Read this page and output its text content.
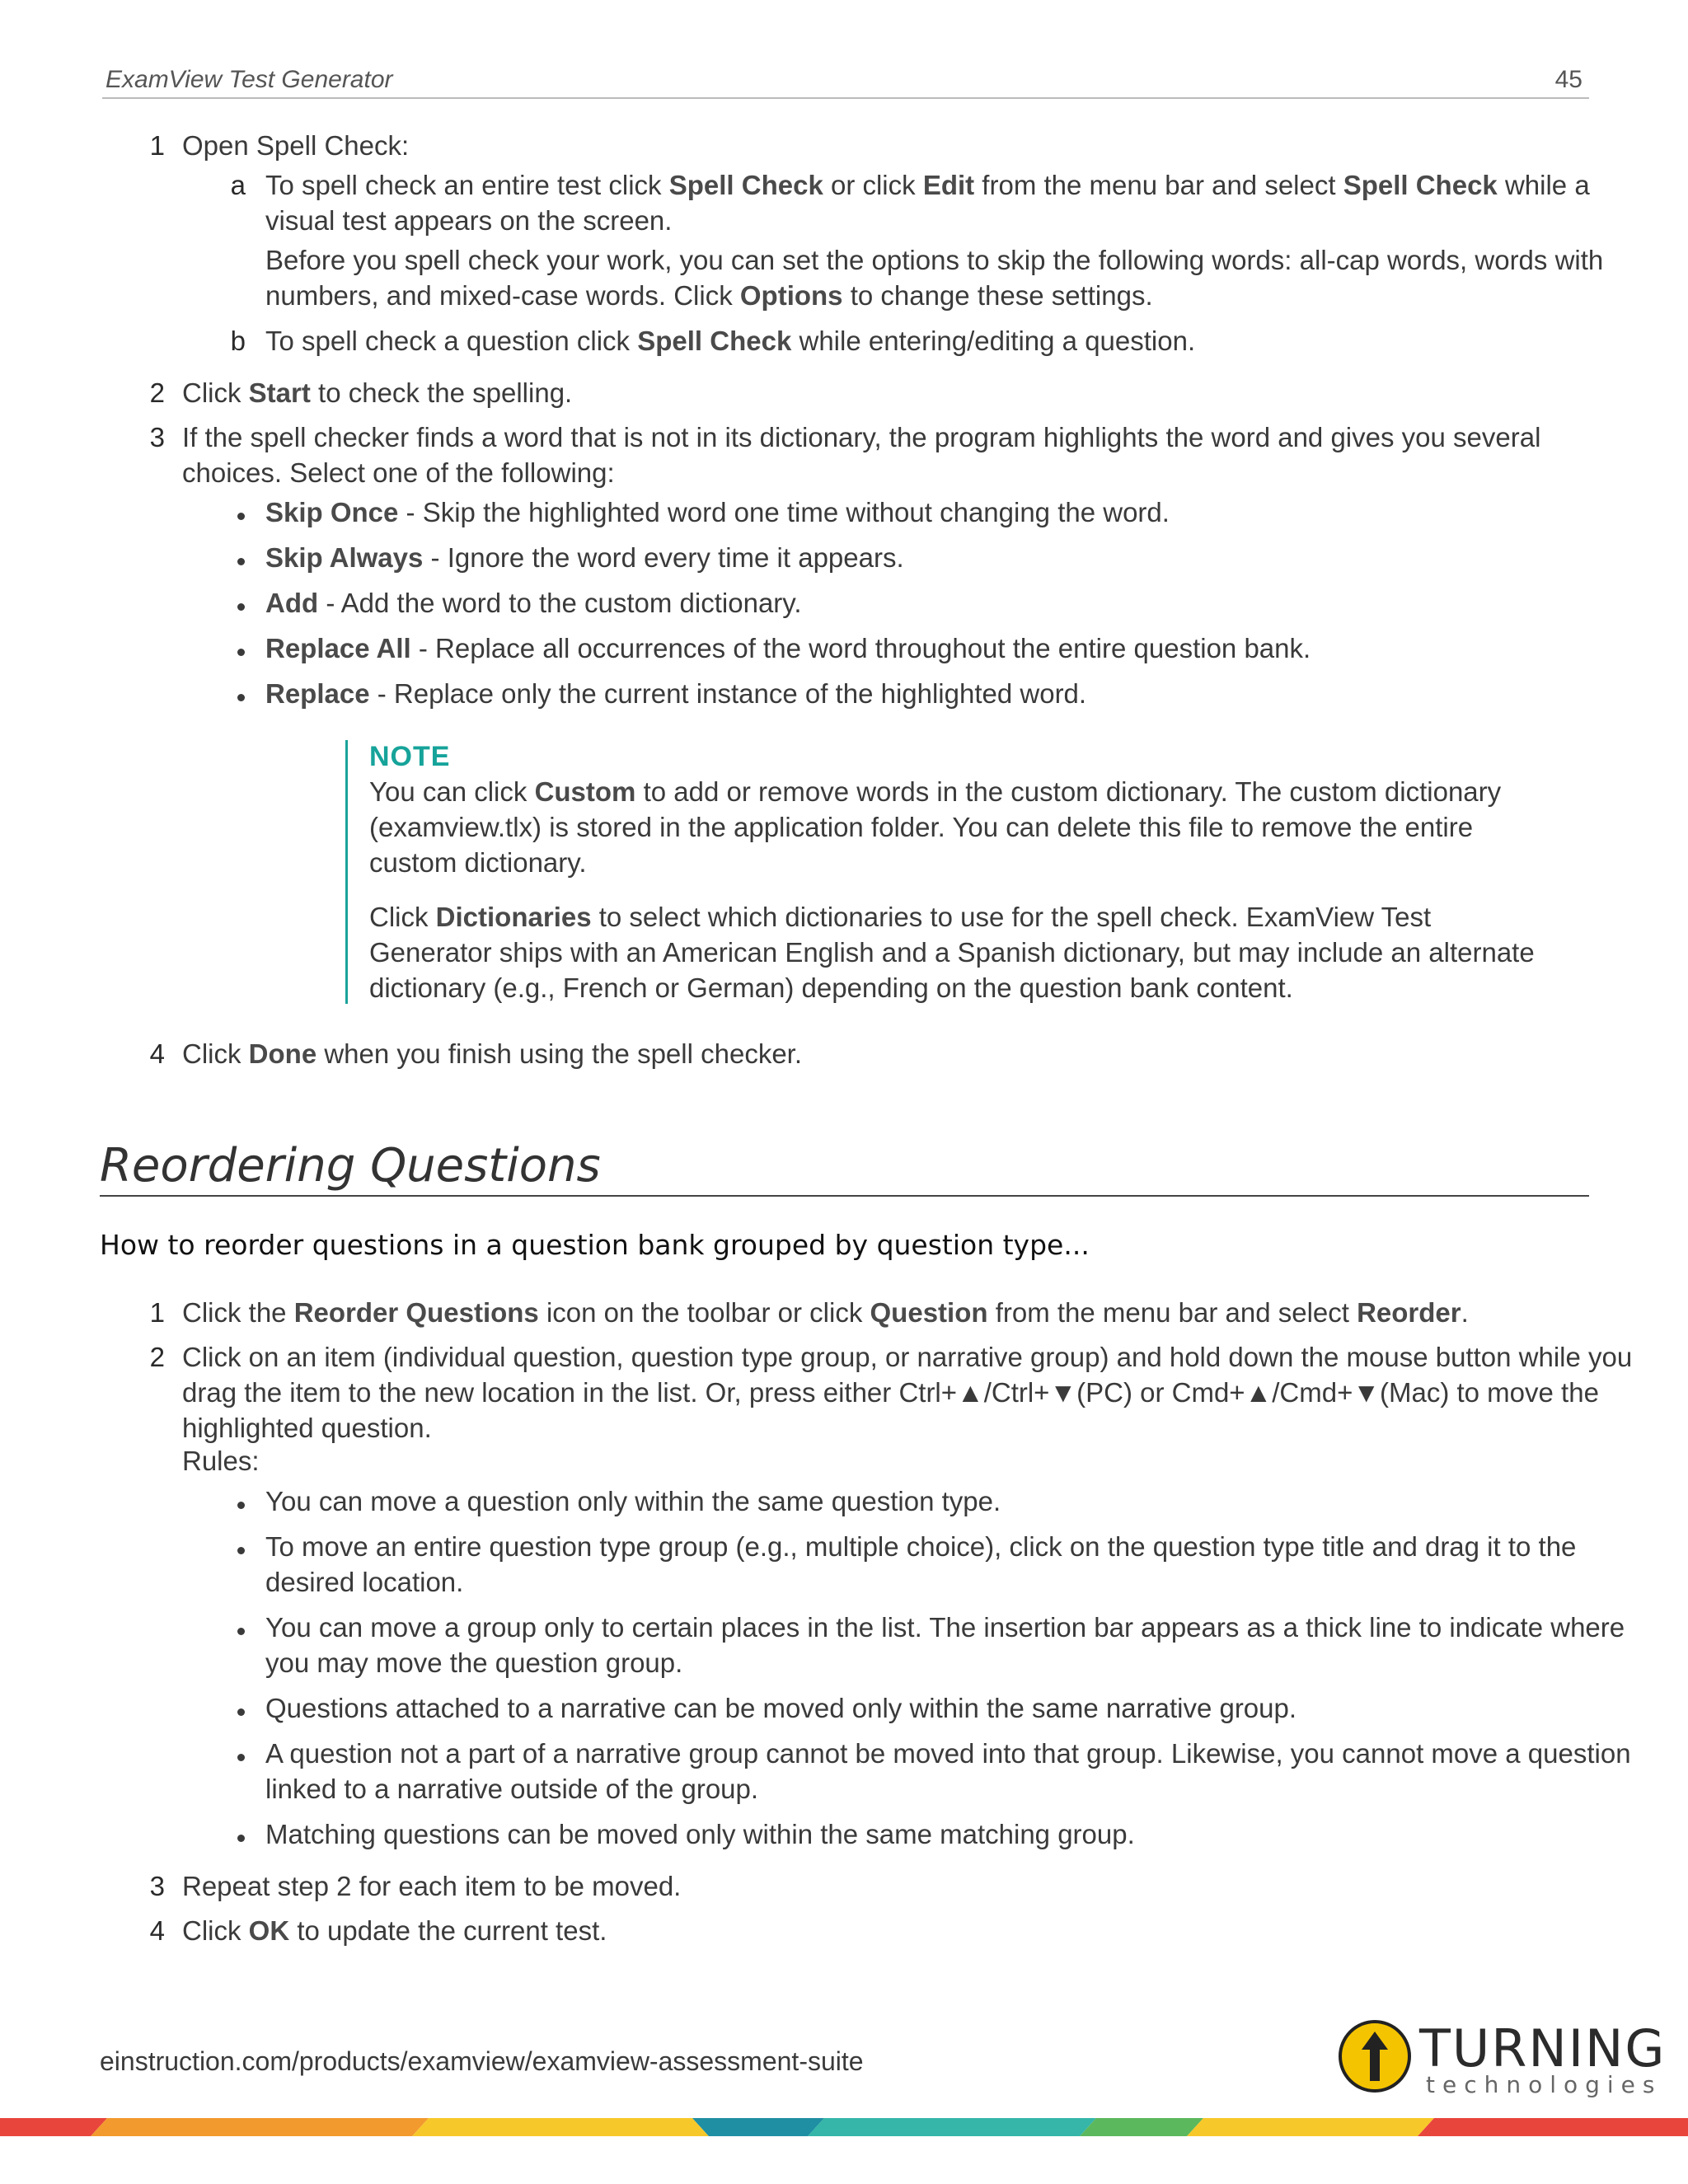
ExamView Test Generator	45
1 Open Spell Check:
a To spell check an entire test click Spell Check or click Edit from the menu bar and select Spell Check while a
visual test appears on the screen.
Before you spell check your work, you can set the options to skip the following words: all-cap words, words with
numbers, and mixed-case words. Click Options to change these settings.
b To spell check a question click Spell Check while entering/editing a question.
2 Click Start to check the spelling.
3 If the spell checker finds a word that is not in its dictionary, the program highlights the word and gives you several
choices. Select one of the following:
Skip Once - Skip the highlighted word one time without changing the word.
Skip Always - Ignore the word every time it appears.
Add - Add the word to the custom dictionary.
Replace All - Replace all occurrences of the word throughout the entire question bank.
Replace - Replace only the current instance of the highlighted word.
NOTE
You can click Custom to add or remove words in the custom dictionary. The custom dictionary
(examview.tlx) is stored in the application folder. You can delete this file to remove the entire
custom dictionary.
Click Dictionaries to select which dictionaries to use for the spell check. ExamView Test
Generator ships with an American English and a Spanish dictionary, but may include an alternate
dictionary (e.g., French or German) depending on the question bank content.
4 Click Done when you finish using the spell checker.
Reordering Questions
How to reorder questions in a question bank grouped by question type...
1 Click the Reorder Questions icon on the toolbar or click Question from the menu bar and select Reorder.
2 Click on an item (individual question, question type group, or narrative group) and hold down the mouse button while you
drag the item to the new location in the list. Or, press either Ctrl+▲/Ctrl+▼(PC) or Cmd+▲/Cmd+▼(Mac) to move the
highlighted question.
Rules:
You can move a question only within the same question type.
To move an entire question type group (e.g., multiple choice), click on the question type title and drag it to the
desired location.
You can move a group only to certain places in the list. The insertion bar appears as a thick line to indicate where
you may move the question group.
Questions attached to a narrative can be moved only within the same narrative group.
A question not a part of a narrative group cannot be moved into that group. Likewise, you cannot move a question
linked to a narrative outside of the group.
Matching questions can be moved only within the same matching group.
3 Repeat step 2 for each item to be moved.
4 Click OK to update the current test.
einstruction.com/products/examview/examview-assessment-suite	TURNING
technologies
